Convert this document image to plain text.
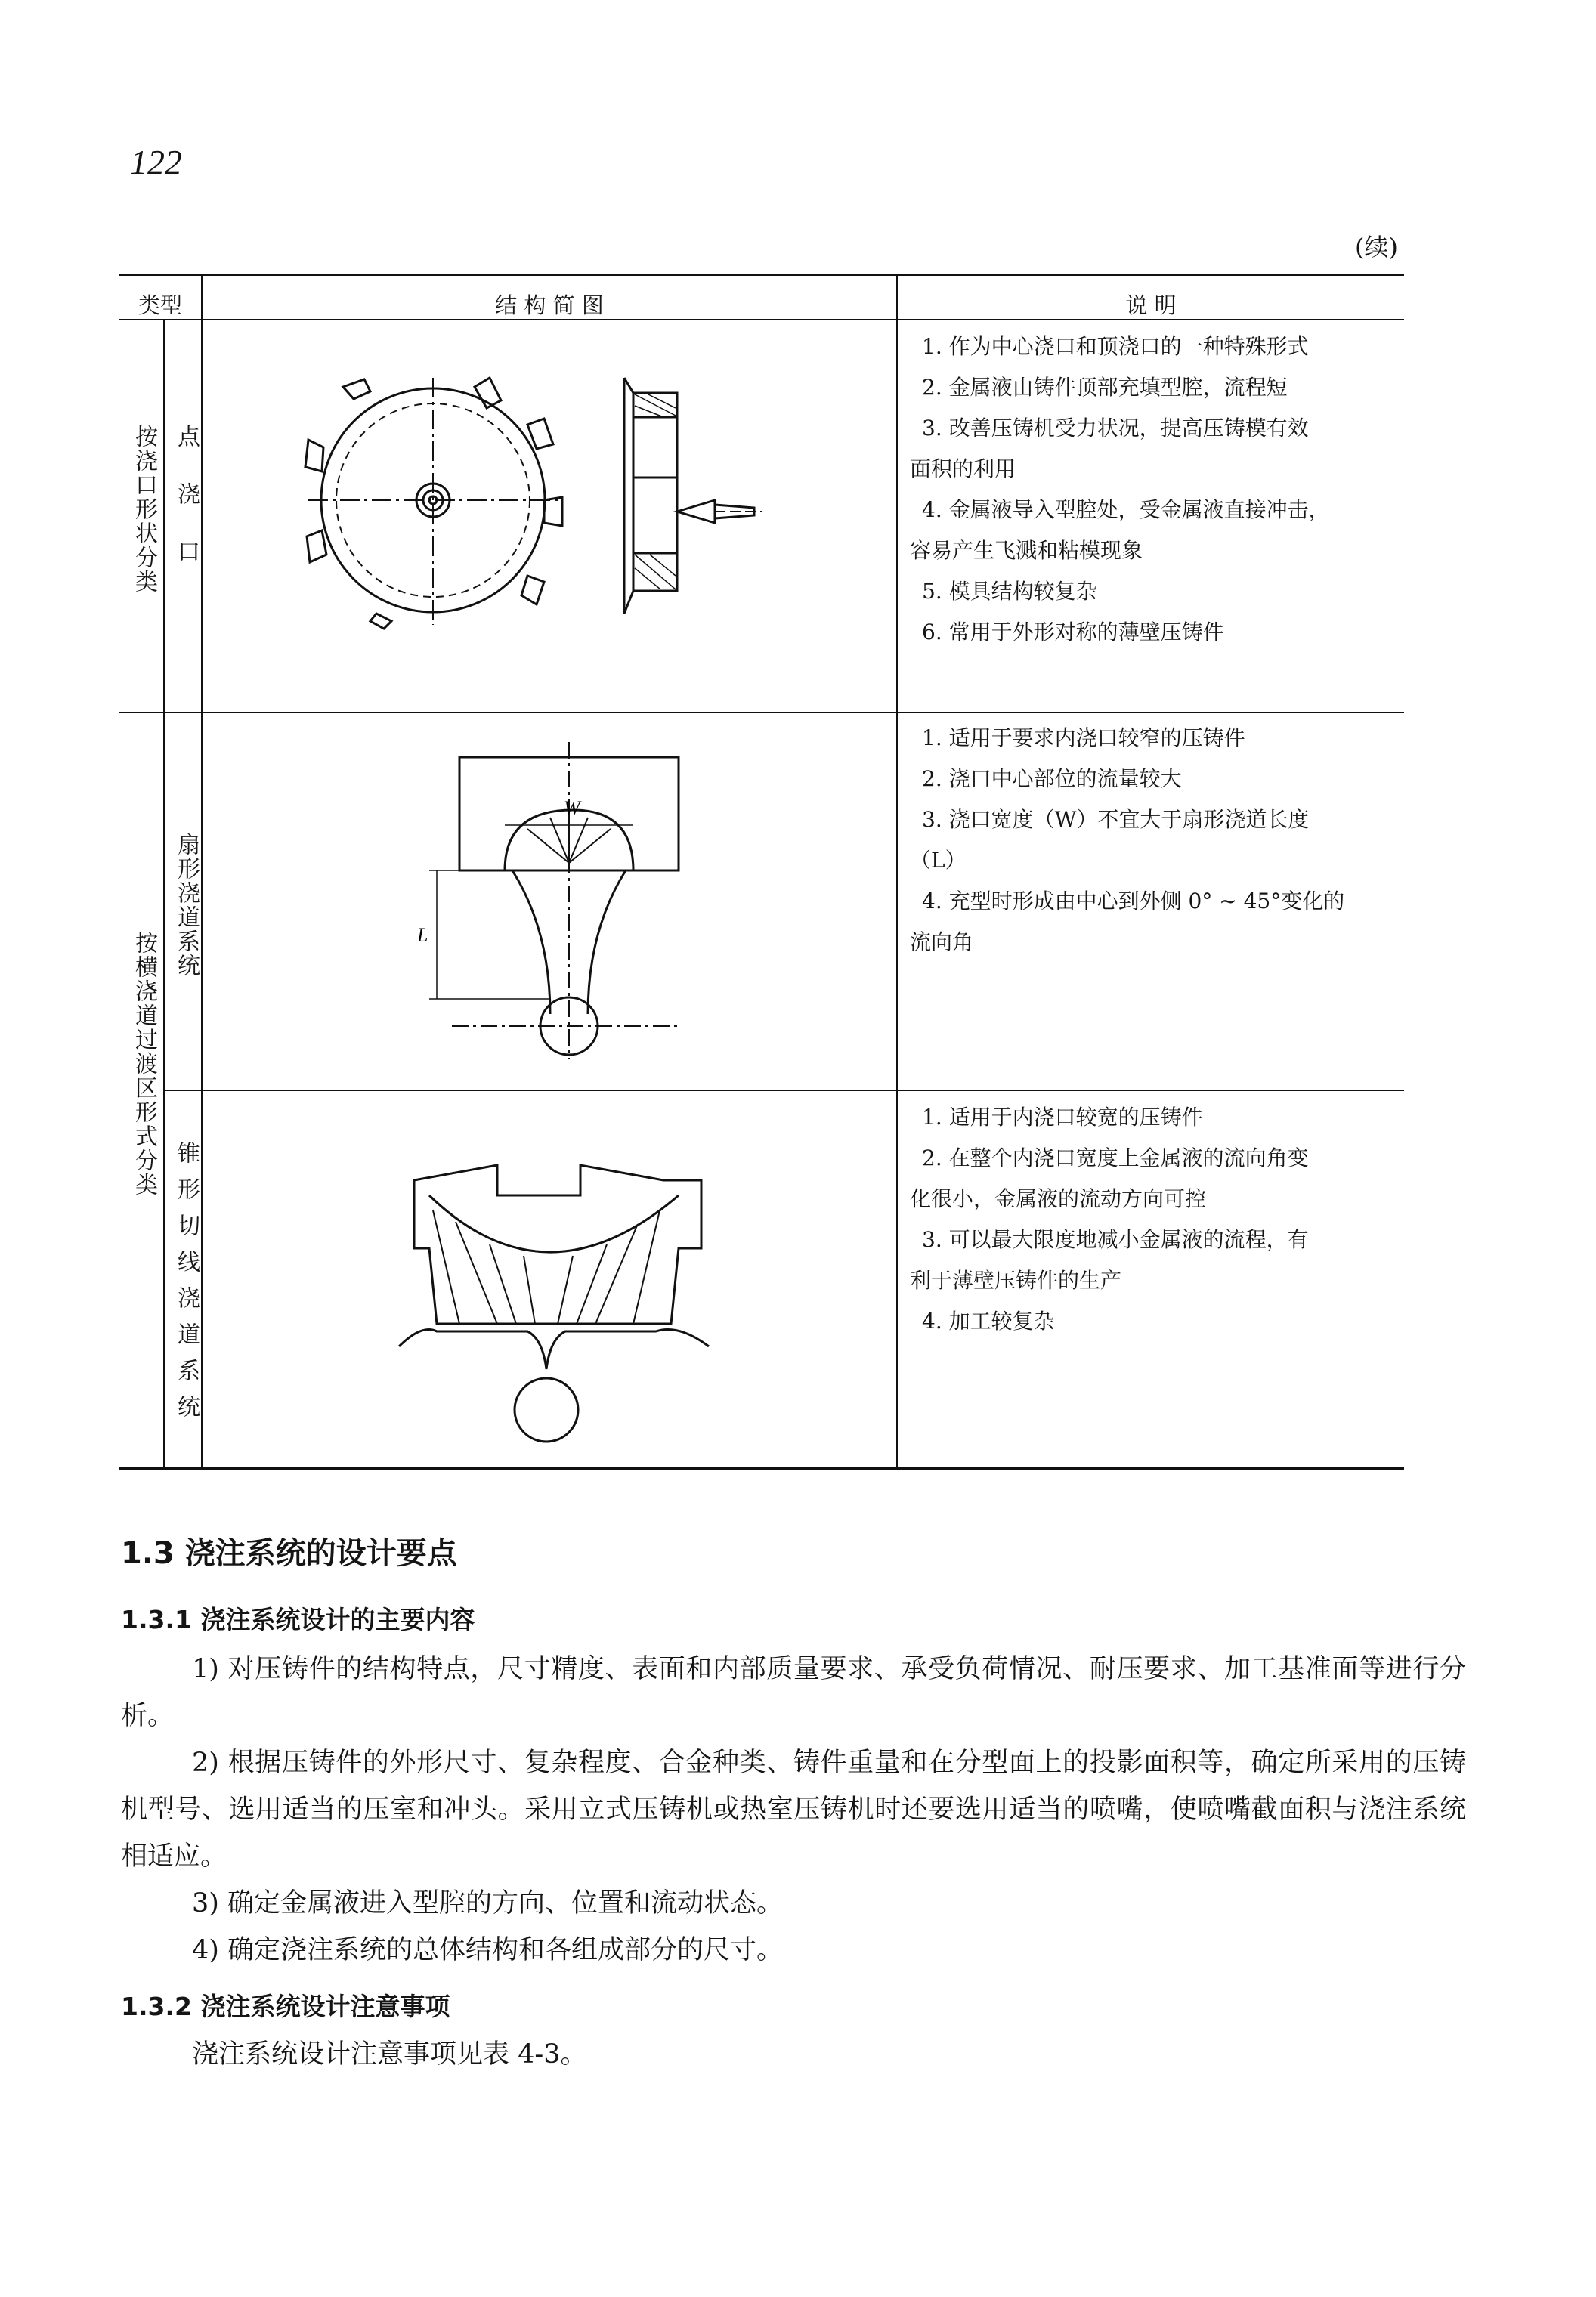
122
(续)
类型	结 构 简 图	说 明
按浇口形状分类
按横浇道过渡区形式分类
点浇口
扇形浇道系统
锥形切线浇道系统
1. 作为中心浇口和顶浇口的一种特殊形式
2. 金属液由铸件顶部充填型腔，流程短
3. 改善压铸机受力状况，提高压铸模有效
面积的利用
4. 金属液导入型腔处，受金属液直接冲击，
容易产生飞溅和粘模现象
5. 模具结构较复杂
6. 常用于外形对称的薄壁压铸件
1. 适用于要求内浇口较窄的压铸件
2. 浇口中心部位的流量较大
3. 浇口宽度（W）不宜大于扇形浇道长度
（L）
4. 充型时形成由中心到外侧 0° ~ 45°变化的
流向角
1. 适用于内浇口较宽的压铸件
2. 在整个内浇口宽度上金属液的流向角变
化很小，金属液的流动方向可控
3. 可以最大限度地减小金属液的流程，有
利于薄壁压铸件的生产
4. 加工较复杂
W
L
1.3 浇注系统的设计要点
1.3.1 浇注系统设计的主要内容
1) 对压铸件的结构特点，尺寸精度、表面和内部质量要求、承受负荷情况、耐压要求、加工基准面等进行分析。
2) 根据压铸件的外形尺寸、复杂程度、合金种类、铸件重量和在分型面上的投影面积等，确定所采用的压铸机型号、选用适当的压室和冲头。采用立式压铸机或热室压铸机时还要选用适当的喷嘴，使喷嘴截面积与浇注系统相适应。
3) 确定金属液进入型腔的方向、位置和流动状态。
4) 确定浇注系统的总体结构和各组成部分的尺寸。
1.3.2 浇注系统设计注意事项
浇注系统设计注意事项见表 4-3。
